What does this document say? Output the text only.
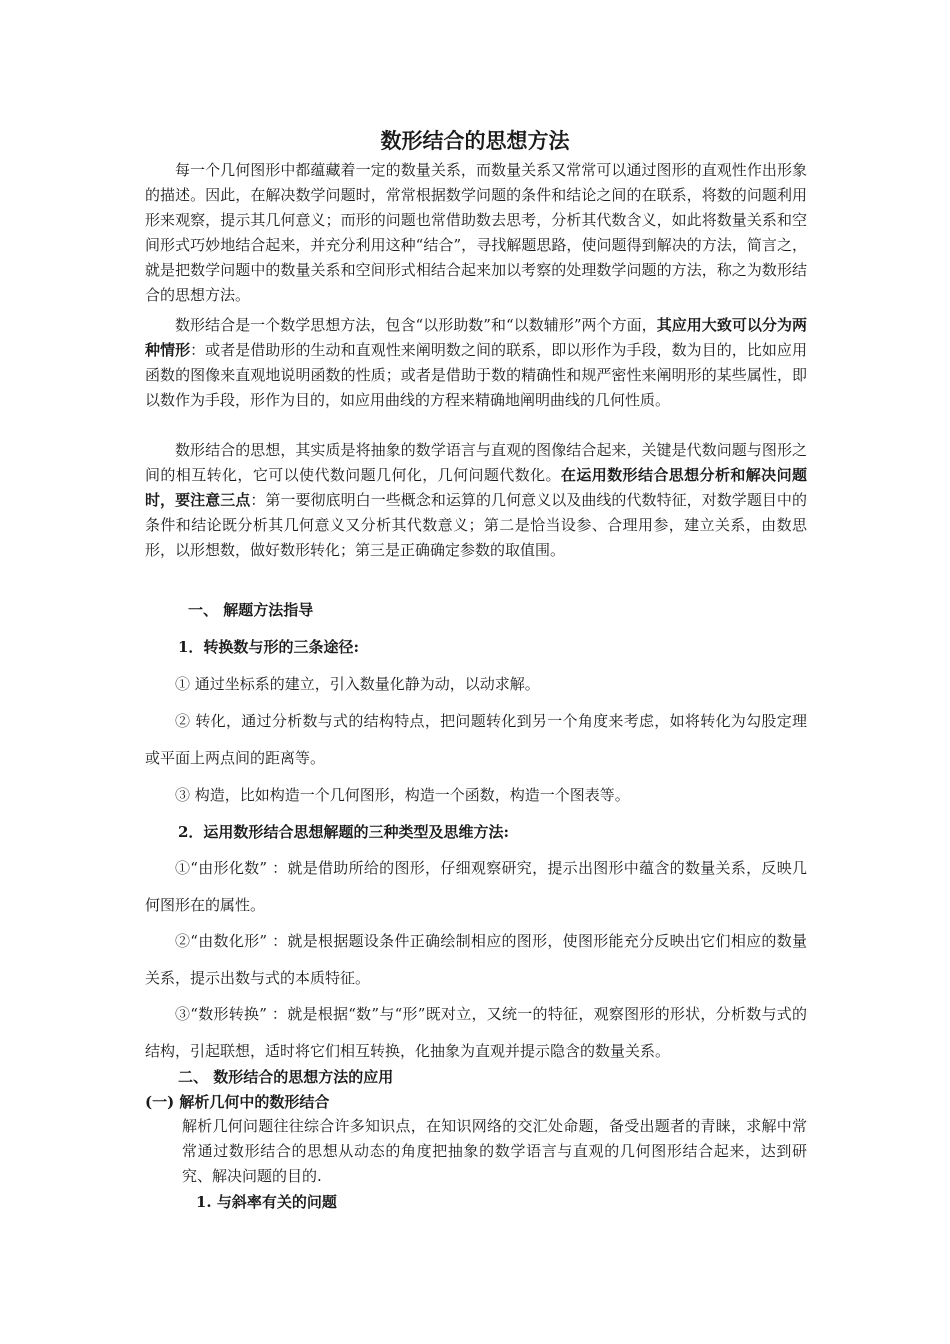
数形结合的思想方法

每一个几何图形中都蕴藏着一定的数量关系，而数量关系又常常可以通过图形的直观性作出形象的描述。因此，在解决数学问题时，常常根据数学问题的条件和结论之间的在联系，将数的问题利用形来观察，提示其几何意义；而形的问题也常借助数去思考，分析其代数含义，如此将数量关系和空间形式巧妙地结合起来，并充分利用这种“结合”，寻找解题思路，使问题得到解决的方法，简言之，就是把数学问题中的数量关系和空间形式相结合起来加以考察的处理数学问题的方法，称之为数形结合的思想方法。

数形结合是一个数学思想方法，包含“以形助数”和“以数辅形”两个方面，其应用大致可以分为两种情形：或者是借助形的生动和直观性来阐明数之间的联系，即以形作为手段，数为目的，比如应用函数的图像来直观地说明函数的性质；或者是借助于数的精确性和规严密性来阐明形的某些属性，即以数作为手段，形作为目的，如应用曲线的方程来精确地阐明曲线的几何性质。

数形结合的思想，其实质是将抽象的数学语言与直观的图像结合起来，关键是代数问题与图形之间的相互转化，它可以使代数问题几何化，几何问题代数化。在运用数形结合思想分析和解决问题时，要注意三点：第一要彻底明白一些概念和运算的几何意义以及曲线的代数特征，对数学题目中的条件和结论既分析其几何意义又分析其代数意义；第二是恰当设参、合理用参，建立关系，由数思形，以形想数，做好数形转化；第三是正确确定参数的取值围。

一、 解题方法指导
1．转换数与形的三条途径:
① 通过坐标系的建立，引入数量化静为动，以动求解。
② 转化，通过分析数与式的结构特点，把问题转化到另一个角度来考虑，如将转化为勾股定理或平面上两点间的距离等。
③ 构造，比如构造一个几何图形，构造一个函数，构造一个图表等。
2．运用数形结合思想解题的三种类型及思维方法:
①“由形化数” ：就是借助所给的图形，仔细观察研究，提示出图形中蕴含的数量关系，反映几何图形在的属性。
②“由数化形” ：就是根据题设条件正确绘制相应的图形，使图形能充分反映出它们相应的数量关系，提示出数与式的本质特征。
③“数形转换” ：就是根据“数”与“形”既对立，又统一的特征，观察图形的形状，分析数与式的结构，引起联想，适时将它们相互转换，化抽象为直观并提示隐含的数量关系。
二、 数形结合的思想方法的应用
(一) 解析几何中的数形结合
解析几何问题往往综合许多知识点，在知识网络的交汇处命题，备受出题者的青睐，求解中常常通过数形结合的思想从动态的角度把抽象的数学语言与直观的几何图形结合起来，达到研究、解决问题的目的.
1. 与斜率有关的问题
